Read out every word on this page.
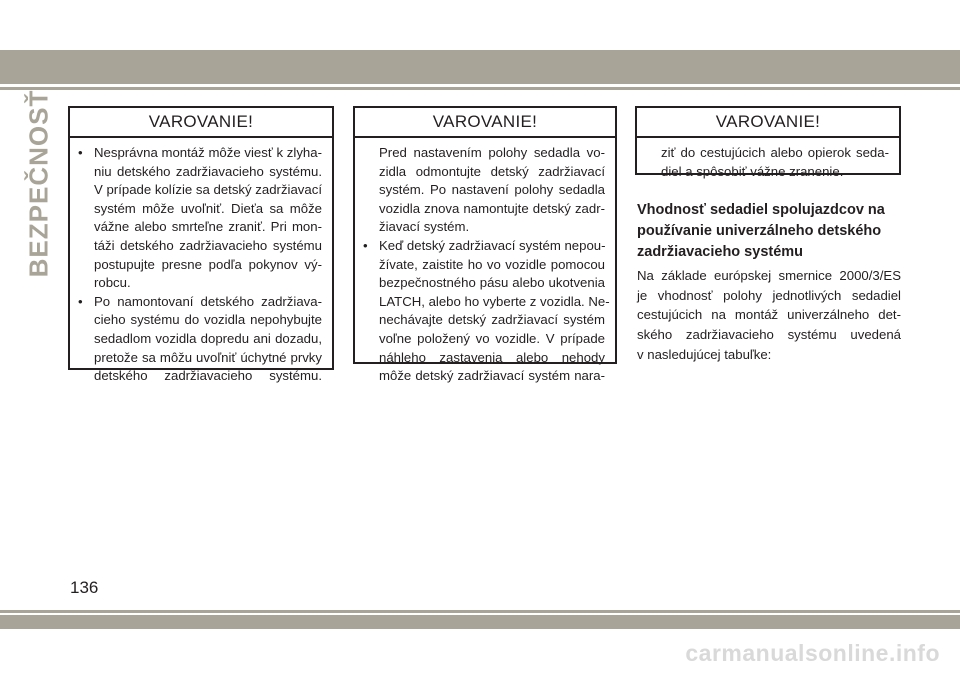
BEZPEČNOSŤ	VAROVANIE!
• Nesprávna montáž môže viesť k zlyha-
niu detského zadržiavacieho systému.
V prípade kolízie sa detský zadržiavací
systém môže uvoľniť. Dieťa sa môže
vážne alebo smrteľne zraniť. Pri mon-
táži detského zadržiavacieho systému
postupujte presne podľa pokynov vý-
robcu.
• Po namontovaní detského zadržiava-
cieho systému do vozidla nepohybujte
sedadlom vozidla dopredu ani dozadu,
pretože sa môžu uvoľniť úchytné prvky
detského zadržiavacieho systému.
VAROVANIE!
Pred nastavením polohy sedadla vo-
zidla odmontujte detský zadržiavací
systém. Po nastavení polohy sedadla
vozidla znova namontujte detský zadr-
žiavací systém.
• Keď detský zadržiavací systém nepou-
žívate, zaistite ho vo vozidle pomocou
bezpečnostného pásu alebo ukotvenia
LATCH, alebo ho vyberte z vozidla. Ne-
nechávajte detský zadržiavací systém
voľne položený vo vozidle. V prípade
náhleho zastavenia alebo nehody
môže detský zadržiavací systém nara-
VAROVANIE!
ziť do cestujúcich alebo opierok seda-
diel a spôsobiť vážne zranenie.
Vhodnosť sedadiel spolujazdcov na
používanie univerzálneho detského
zadržiavacieho systému
Na základe európskej smernice 2000/3/ES
je vhodnosť polohy jednotlivých sedadiel
cestujúcich na montáž univerzálneho det-
ského zadržiavacieho systému uvedená
v nasledujúcej tabuľke:
136
carmanualsonline.info
